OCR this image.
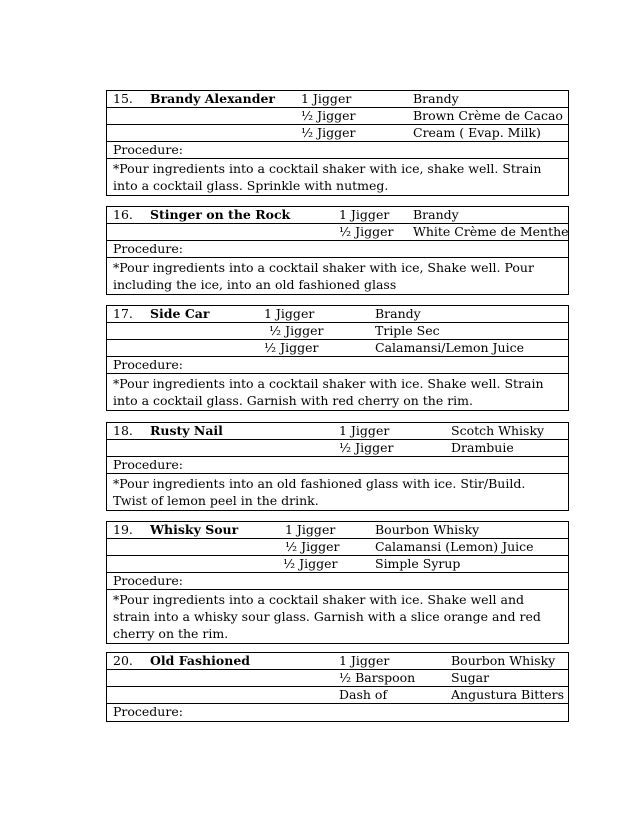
15. Brandy Alexander 1 Jigger	Brandy
½ Jigger	Brown Crème de Cacao
½ Jigger	Cream ( Evap. Milk)
Procedure:
*Pour ingredients into a cocktail shaker with ice, shake well. Strain into a cocktail glass. Sprinkle with nutmeg.
16. Stinger on the Rock	1 Jigger Brandy
½ Jigger White Crème de Menthe
Procedure:
*Pour ingredients into a cocktail shaker with ice, Shake well. Pour including the ice, into an old fashioned glass
17. Side Car	1 Jigger	Brandy
½ Jigger	Triple Sec
½ Jigger	Calamansi/Lemon Juice
Procedure:
*Pour ingredients into a cocktail shaker with ice. Shake well. Strain into a cocktail glass. Garnish with red cherry on the rim.
18. Rusty Nail	1 Jigger	Scotch Whisky
½ Jigger	Drambuie
Procedure:
*Pour ingredients into an old fashioned glass with ice. Stir/Build. Twist of lemon peel in the drink.
19. Whisky Sour	1 Jigger	Bourbon Whisky
½ Jigger	Calamansi (Lemon) Juice
½ Jigger	Simple Syrup
Procedure:
*Pour ingredients into a cocktail shaker with ice. Shake well and strain into a whisky sour glass. Garnish with a slice orange and red cherry on the rim.
20. Old Fashioned	1 Jigger	Bourbon Whisky
½ Barspoon	Sugar
Dash of	Angustura Bitters
Procedure:
